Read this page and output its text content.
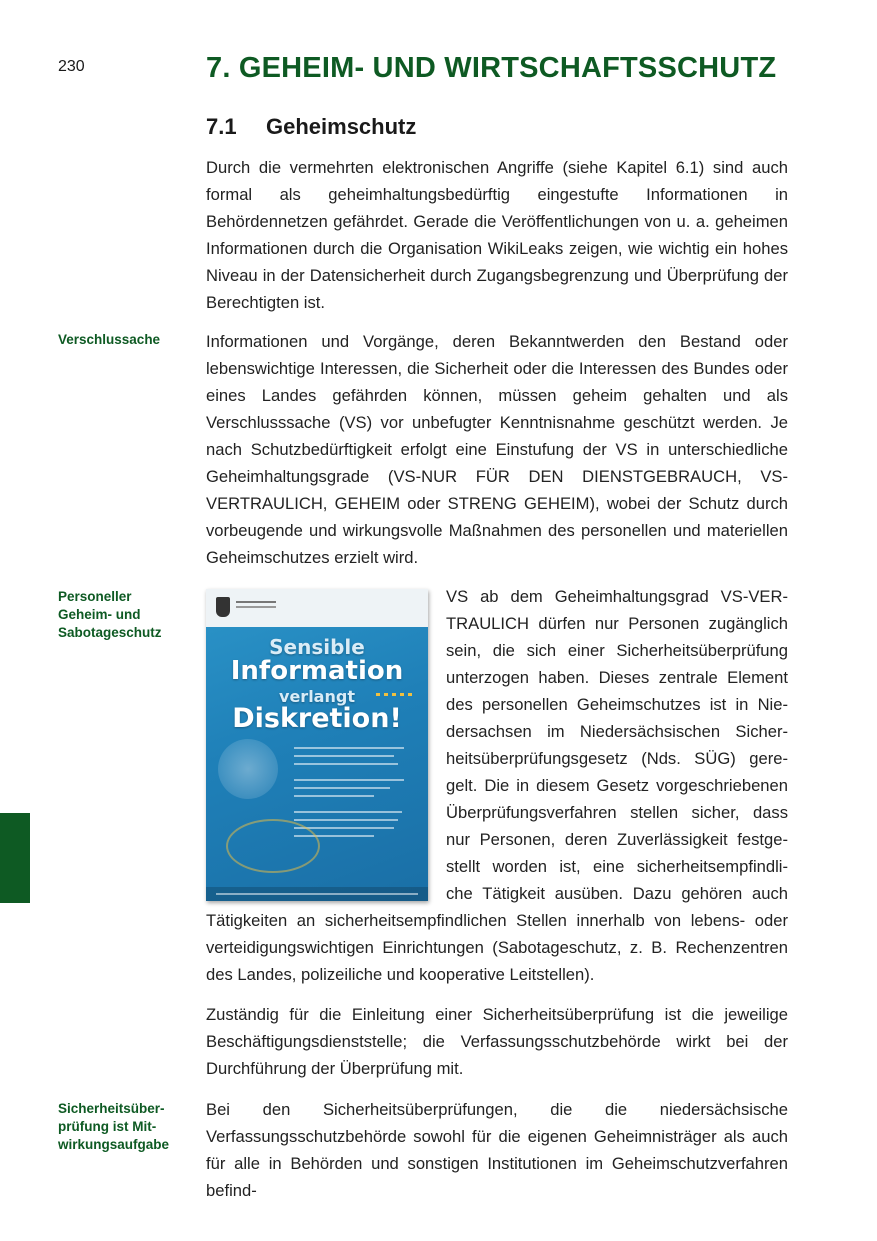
230	7. GEHEIM- UND WIRTSCHAFTSSCHUTZ
7.1 Geheimschutz

Durch die vermehrten elektronischen Angriffe (siehe Kapitel 6.1) sind auch formal als geheimhaltungsbedürftig eingestufte Informationen in Behördennetzen gefährdet. Gerade die Veröffentlichungen von u. a. geheimen Informationen durch die Organisation WikiLeaks zeigen, wie wichtig ein hohes Niveau in der Datensicherheit durch Zugangsbegrenzung und Überprüfung der Berechtigten ist.

Verschlussache	Informationen und Vorgänge, deren Bekanntwerden den Bestand oder lebenswichtige Interessen, die Sicherheit oder die Interessen des Bundes oder eines Landes gefährden können, müssen geheim gehalten und als Verschlusssache (VS) vor unbefugter Kenntnisnahme geschützt werden. Je nach Schutzbedürftigkeit erfolgt eine Einstufung der VS in unterschiedliche Geheimhaltungsgrade (VS-NUR FÜR DEN DIENSTGEBRAUCH, VS-VERTRAULICH, GEHEIM oder STRENG GEHEIM), wobei der Schutz durch vorbeugende und wirkungsvolle Maßnahmen des personellen und materiellen Geheimschutzes erzielt wird.

Personeller
Geheim- und
Sabotageschutz
Sensible
Information
verlangt
Diskretion!
VS ab dem Geheimhaltungsgrad VS-VER-
TRAULICH dürfen nur Personen zugänglich
sein, die sich einer Sicherheitsüberprüfung
unterzogen haben. Dieses zentrale Element
des personellen Geheimschutzes ist in Nie-
dersachsen im Niedersächsischen Sicher-
heitsüberprüfungsgesetz (Nds. SÜG) gere-
gelt. Die in diesem Gesetz vorgeschriebenen
Überprüfungsverfahren stellen sicher, dass
nur Personen, deren Zuverlässigkeit festge-
stellt worden ist, eine sicherheitsempfindli-
che Tätigkeit ausüben. Dazu gehören auch

Tätigkeiten an sicherheitsempfindlichen Stellen innerhalb von lebens- oder verteidigungswichtigen Einrichtungen (Sabotageschutz, z. B. Rechenzentren des Landes, polizeiliche und kooperative Leitstellen).

Zuständig für die Einleitung einer Sicherheitsüberprüfung ist die jeweilige Beschäftigungsdienststelle; die Verfassungsschutzbehörde wirkt bei der Durchführung der Überprüfung mit.

Sicherheitsüber-
prüfung ist Mit-
wirkungsaufgabe

Bei den Sicherheitsüberprüfungen, die die niedersächsische Verfassungsschutzbehörde sowohl für die eigenen Geheimnisträger als auch für alle in Behörden und sonstigen Institutionen im Geheimschutzverfahren befind-
